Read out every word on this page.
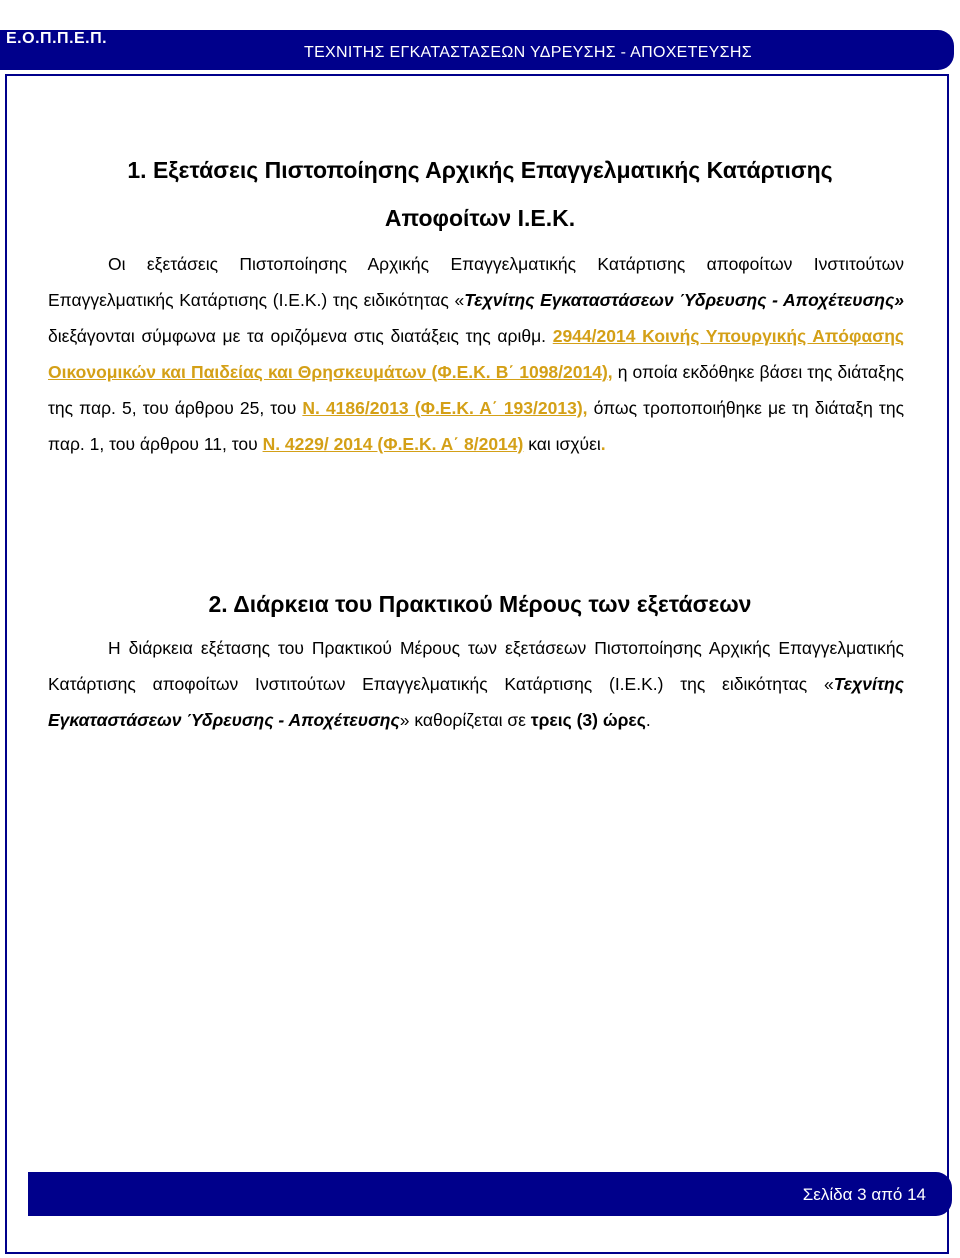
Ε.Ο.Π.Π.Ε.Π.
ΤΕΧΝΙΤΗΣ ΕΓΚΑΤΑΣΤΑΣΕΩΝ ΥΔΡΕΥΣΗΣ - ΑΠΟΧΕΤΕΥΣΗΣ
1. Εξετάσεις Πιστοποίησης Αρχικής Επαγγελματικής Κατάρτισης
Αποφοίτων Ι.Ε.Κ.

Οι εξετάσεις Πιστοποίησης Αρχικής Επαγγελματικής Κατάρτισης αποφοίτων Ινστιτούτων Επαγγελματικής Κατάρτισης (Ι.Ε.Κ.) της ειδικότητας «Τεχνίτης Εγκαταστάσεων Ύδρευσης - Αποχέτευσης» διεξάγονται σύμφωνα με τα οριζόμενα στις διατάξεις της αριθμ. 2944/2014 Κοινής Υπουργικής Απόφασης Οικονομικών και Παιδείας και Θρησκευμάτων (Φ.Ε.Κ. Β΄ 1098/2014), η οποία εκδόθηκε βάσει της διάταξης της παρ. 5, του άρθρου 25, του Ν. 4186/2013 (Φ.Ε.Κ. Α΄ 193/2013), όπως τροποποιήθηκε με τη διάταξη της παρ. 1, του άρθρου 11, του Ν. 4229/ 2014 (Φ.Ε.Κ. Α΄ 8/2014) και ισχύει.

2. Διάρκεια του Πρακτικού Μέρους των εξετάσεων

Η διάρκεια εξέτασης του Πρακτικού Μέρους των εξετάσεων Πιστοποίησης Αρχικής Επαγγελματικής Κατάρτισης αποφοίτων Ινστιτούτων Επαγγελματικής Κατάρτισης (Ι.Ε.Κ.) της ειδικότητας «Τεχνίτης Εγκαταστάσεων Ύδρευσης - Αποχέτευσης» καθορίζεται σε τρεις (3) ώρες.

Σελίδα 3 από 14
